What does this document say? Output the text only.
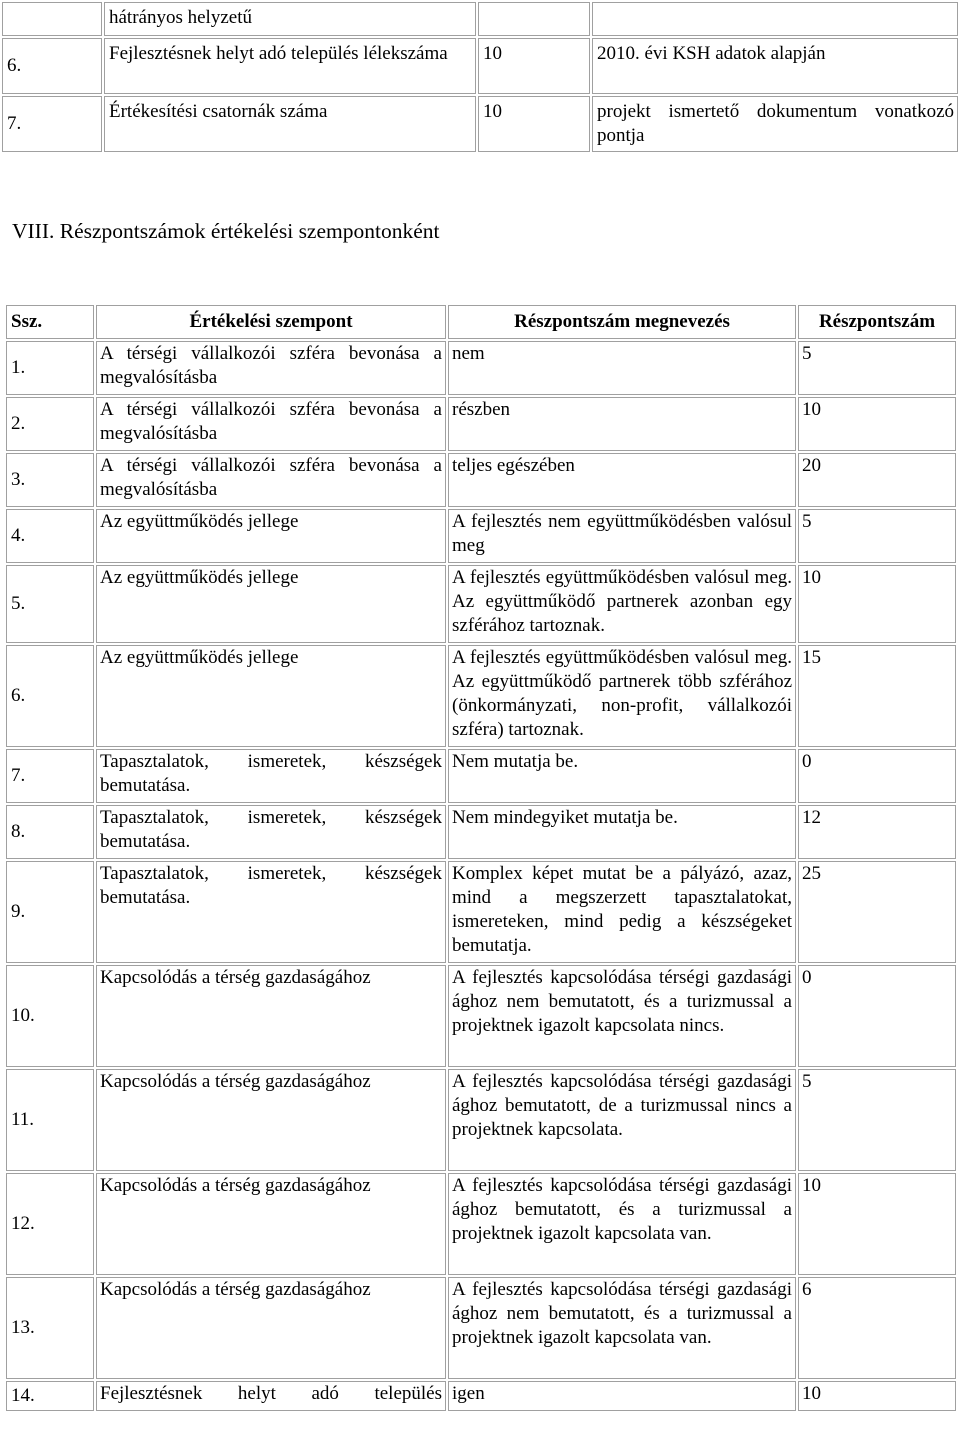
	hátrányos helyzetű		
6.	Fejlesztésnek helyt adó település lélekszáma	10	2010. évi KSH adatok alapján
7.	Értékesítési csatornák száma	10	projekt ismertető dokumentum vonatkozó pontja
VIII. Részpontszámok értékelési szempontonként
Ssz.	Értékelési szempont	Részpontszám megnevezés	Részpontszám
1.	A térségi vállalkozói szféra bevonása a megvalósításba	nem	5
2.	A térségi vállalkozói szféra bevonása a megvalósításba	részben	10
3.	A térségi vállalkozói szféra bevonása a megvalósításba	teljes egészében	20
4.	Az együttműködés jellege	A fejlesztés nem együttműködésben valósul meg	5
5.	Az együttműködés jellege	A fejlesztés együttműködésben valósul meg. Az együttműködő partnerek azonban egy szférához tartoznak.	10
6.	Az együttműködés jellege	A fejlesztés együttműködésben valósul meg. Az együttműködő partnerek több szférához (önkormányzati, non-profit, vállalkozói szféra) tartoznak.	15
7.	Tapasztalatok, ismeretek, készségek bemutatása.	Nem mutatja be.	0
8.	Tapasztalatok, ismeretek, készségek bemutatása.	Nem mindegyiket mutatja be.	12
9.	Tapasztalatok, ismeretek, készségek bemutatása.	Komplex képet mutat be a pályázó, azaz, mind a megszerzett tapasztalatokat, ismereteken, mind pedig a készségeket bemutatja.	25
10.	Kapcsolódás a térség gazdaságához	A fejlesztés kapcsolódása térségi gazdasági ághoz nem bemutatott, és a turizmussal a projektnek igazolt kapcsolata nincs.	0
11.	Kapcsolódás a térség gazdaságához	A fejlesztés kapcsolódása térségi gazdasági ághoz bemutatott, de a turizmussal nincs a projektnek kapcsolata.	5
12.	Kapcsolódás a térség gazdaságához	A fejlesztés kapcsolódása térségi gazdasági ághoz bemutatott, és a turizmussal a projektnek igazolt kapcsolata van.	10
13.	Kapcsolódás a térség gazdaságához	A fejlesztés kapcsolódása térségi gazdasági ághoz nem bemutatott, és a turizmussal a projektnek igazolt kapcsolata van.	6
14.	Fejlesztésnek helyt adó település	igen	10
